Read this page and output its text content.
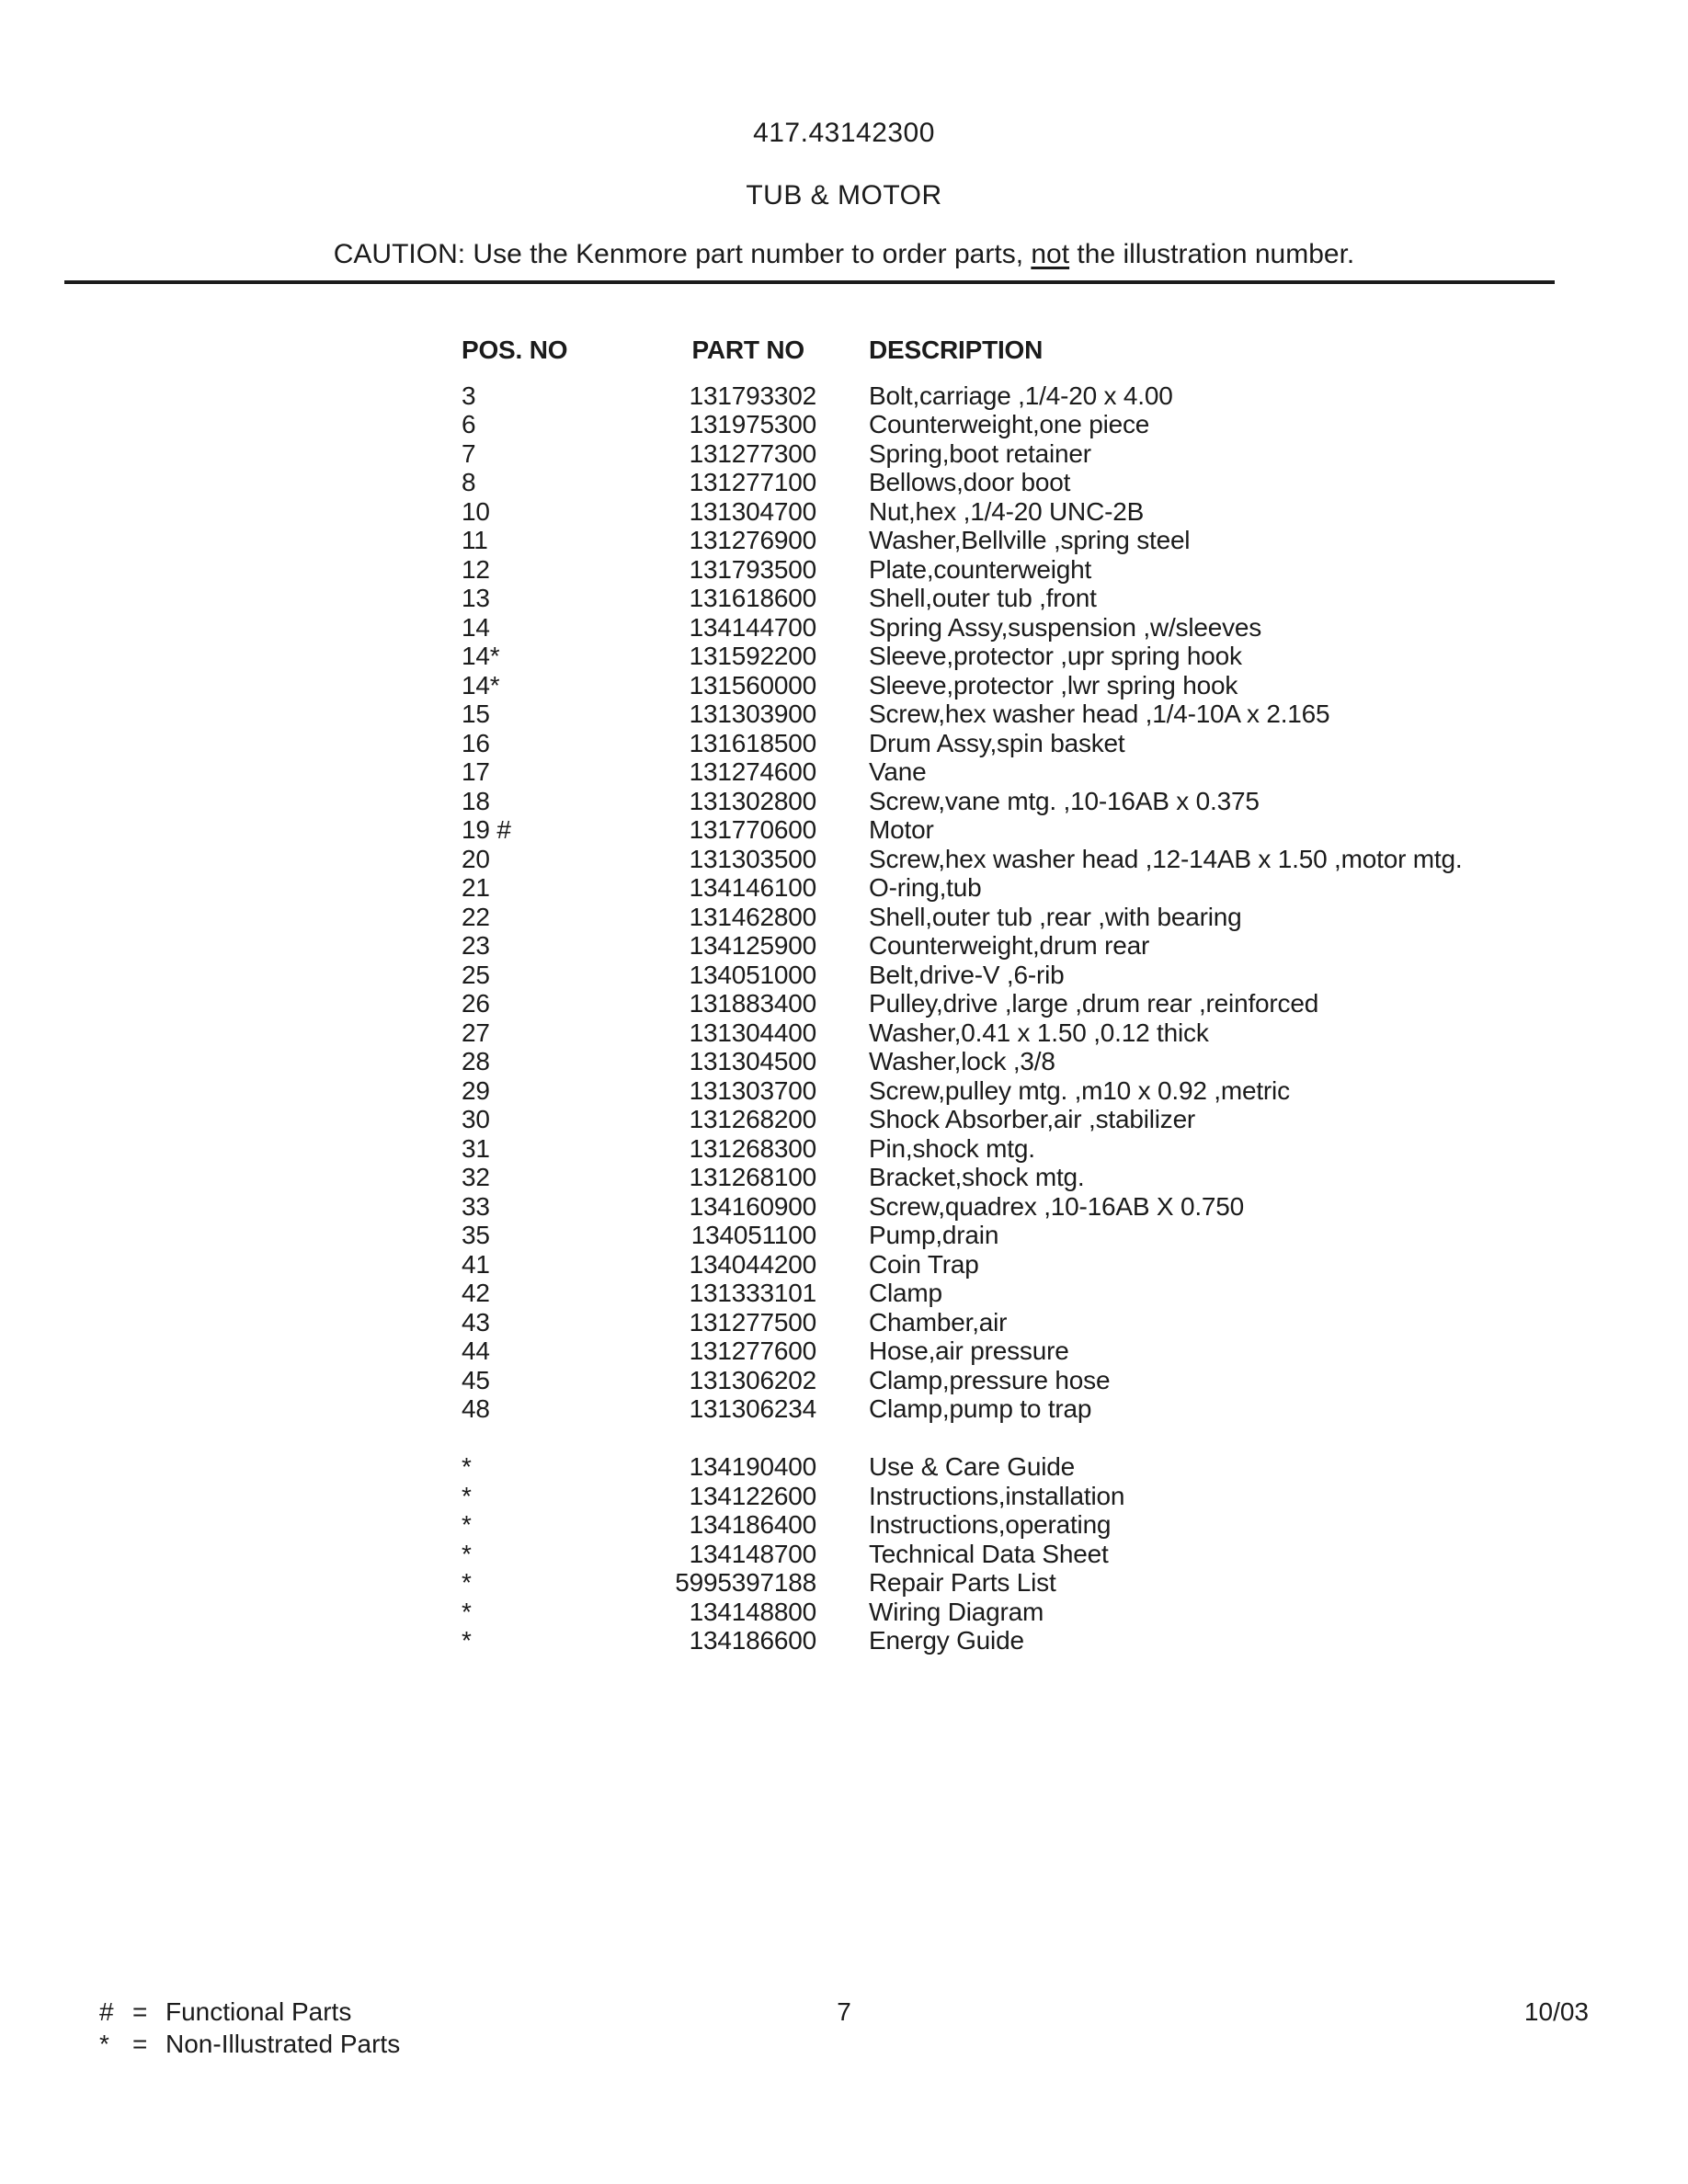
417.43142300
TUB & MOTOR
CAUTION: Use the Kenmore part number to order parts, not the illustration number.
POS. NO	PART NO	DESCRIPTION
3	131793302 Bolt,carriage ,1/4-20 x 4.00
6	131975300 Counterweight,one piece
7	131277300 Spring,boot retainer
8	131277100 Bellows,door boot
10	131304700 Nut,hex ,1/4-20 UNC-2B
11	131276900 Washer,Bellville ,spring steel
12	131793500 Plate,counterweight
13	131618600 Shell,outer tub ,front
14	134144700 Spring Assy,suspension ,w/sleeves
14*	131592200 Sleeve,protector ,upr spring hook
14*	131560000 Sleeve,protector ,lwr spring hook
15	131303900 Screw,hex washer head ,1/4-10A x 2.165
16	131618500 Drum Assy,spin basket
17	131274600 Vane
18	131302800 Screw,vane mtg. ,10-16AB x 0.375
19 #	131770600 Motor
20	131303500 Screw,hex washer head ,12-14AB x 1.50 ,motor mtg.
21	134146100 O-ring,tub
22	131462800 Shell,outer tub ,rear ,with bearing
23	134125900 Counterweight,drum rear
25	134051000 Belt,drive-V ,6-rib
26	131883400 Pulley,drive ,large ,drum rear ,reinforced
27	131304400 Washer,0.41 x 1.50 ,0.12 thick
28	131304500 Washer,lock ,3/8
29	131303700 Screw,pulley mtg. ,m10 x 0.92 ,metric
30	131268200 Shock Absorber,air ,stabilizer
31	131268300 Pin,shock mtg.
32	131268100 Bracket,shock mtg.
33	134160900 Screw,quadrex ,10-16AB X 0.750
35	134051100 Pump,drain
41	134044200 Coin Trap
42	131333101 Clamp
43	131277500 Chamber,air
44	131277600 Hose,air pressure
45	131306202 Clamp,pressure hose
48	131306234 Clamp,pump to trap
*	134190400 Use & Care Guide
*	134122600 Instructions,installation
*	134186400 Instructions,operating
*	134148700 Technical Data Sheet
*	5995397188 Repair Parts List
*	134148800 Wiring Diagram
*	134186600 Energy Guide
# = Functional Parts
* = Non-Illustrated Parts
7	10/03
